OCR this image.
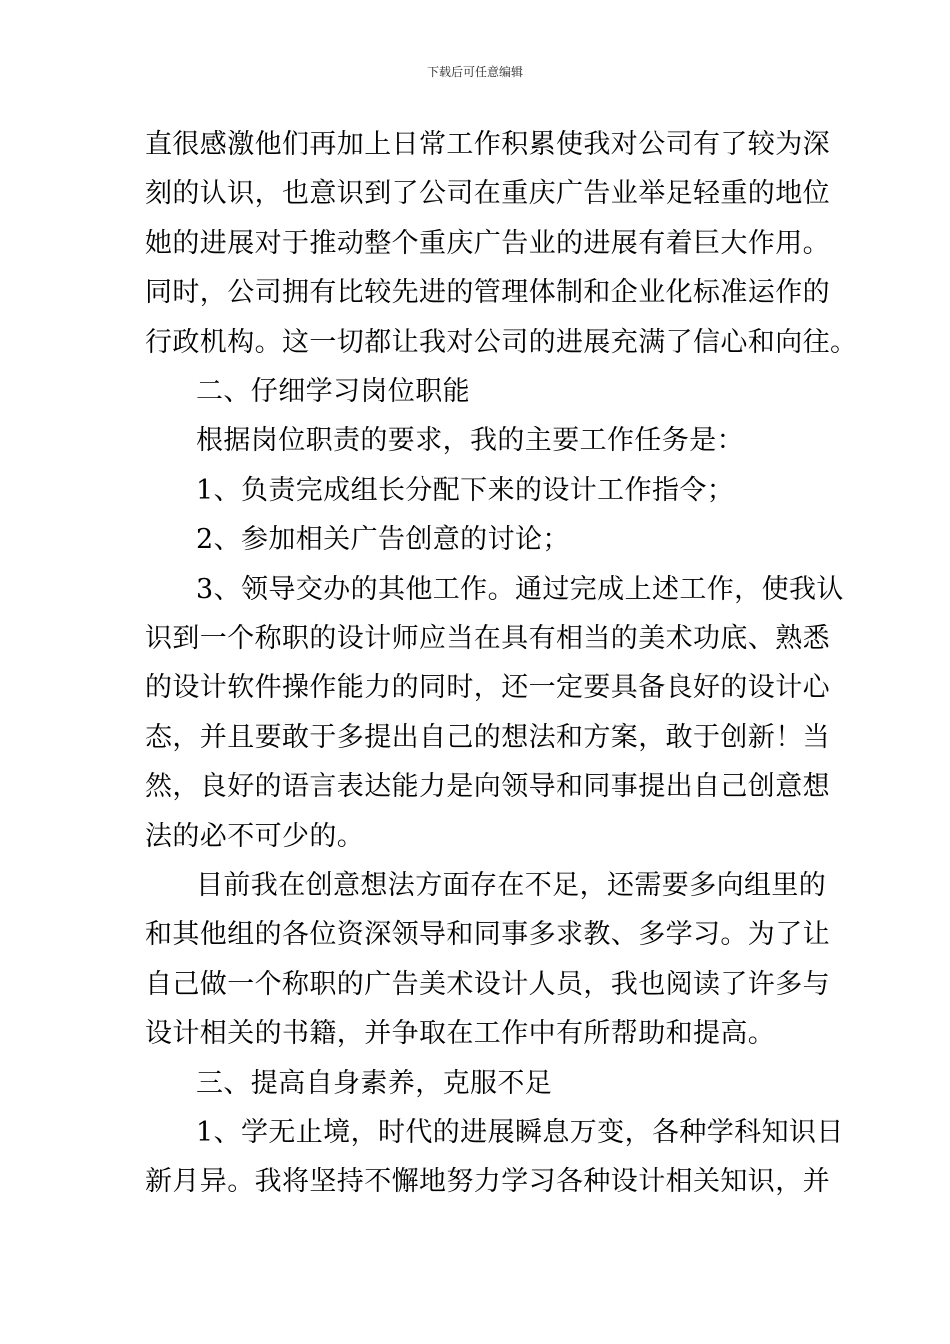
下载后可任意编辑
直很感激他们再加上日常工作积累使我对公司有了较为深
刻的认识，也意识到了公司在重庆广告业举足轻重的地位
她的进展对于推动整个重庆广告业的进展有着巨大作用。
同时，公司拥有比较先进的管理体制和企业化标准运作的
行政机构。这一切都让我对公司的进展充满了信心和向往。
二、仔细学习岗位职能
根据岗位职责的要求，我的主要工作任务是：
1、负责完成组长分配下来的设计工作指令；
2、参加相关广告创意的讨论；
3、领导交办的其他工作。通过完成上述工作，使我认
识到一个称职的设计师应当在具有相当的美术功底、熟悉
的设计软件操作能力的同时，还一定要具备良好的设计心
态，并且要敢于多提出自己的想法和方案，敢于创新！当
然，良好的语言表达能力是向领导和同事提出自己创意想
法的必不可少的。
目前我在创意想法方面存在不足，还需要多向组里的
和其他组的各位资深领导和同事多求教、多学习。为了让
自己做一个称职的广告美术设计人员，我也阅读了许多与
设计相关的书籍，并争取在工作中有所帮助和提高。
三、提高自身素养，克服不足
1、学无止境，时代的进展瞬息万变，各种学科知识日
新月异。我将坚持不懈地努力学习各种设计相关知识，并
